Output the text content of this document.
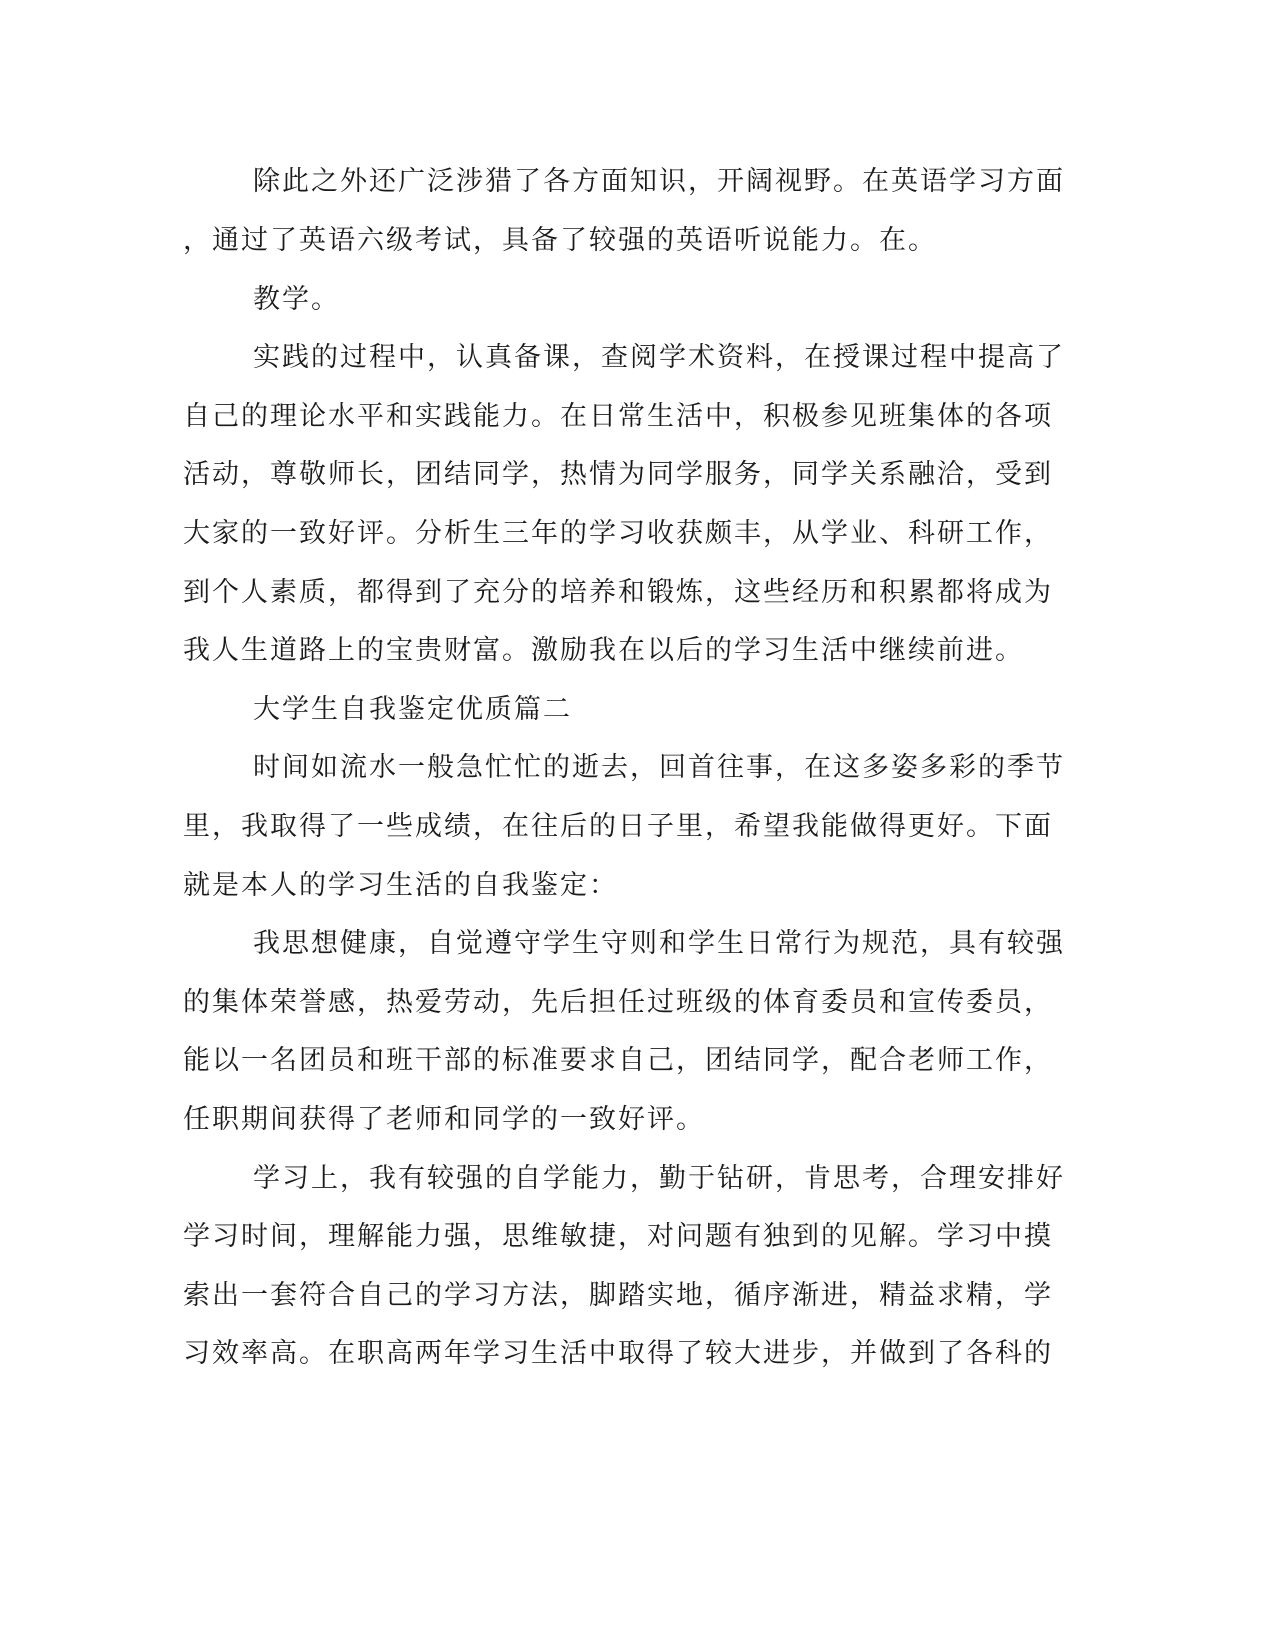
除此之外还广泛涉猎了各方面知识，开阔视野。在英语学习方面
，通过了英语六级考试，具备了较强的英语听说能力。在。
教学。
实践的过程中，认真备课，查阅学术资料，在授课过程中提高了
自己的理论水平和实践能力。在日常生活中，积极参见班集体的各项
活动，尊敬师长，团结同学，热情为同学服务，同学关系融洽，受到
大家的一致好评。分析生三年的学习收获颇丰，从学业、科研工作，
到个人素质，都得到了充分的培养和锻炼，这些经历和积累都将成为
我人生道路上的宝贵财富。激励我在以后的学习生活中继续前进。
大学生自我鉴定优质篇二
时间如流水一般急忙忙的逝去，回首往事，在这多姿多彩的季节
里，我取得了一些成绩，在往后的日子里，希望我能做得更好。下面
就是本人的学习生活的自我鉴定：
我思想健康，自觉遵守学生守则和学生日常行为规范，具有较强
的集体荣誉感，热爱劳动，先后担任过班级的体育委员和宣传委员，
能以一名团员和班干部的标准要求自己，团结同学，配合老师工作，
任职期间获得了老师和同学的一致好评。
学习上，我有较强的自学能力，勤于钻研，肯思考，合理安排好
学习时间，理解能力强，思维敏捷，对问题有独到的见解。学习中摸
索出一套符合自己的学习方法，脚踏实地，循序渐进，精益求精，学
习效率高。在职高两年学习生活中取得了较大进步，并做到了各科的
